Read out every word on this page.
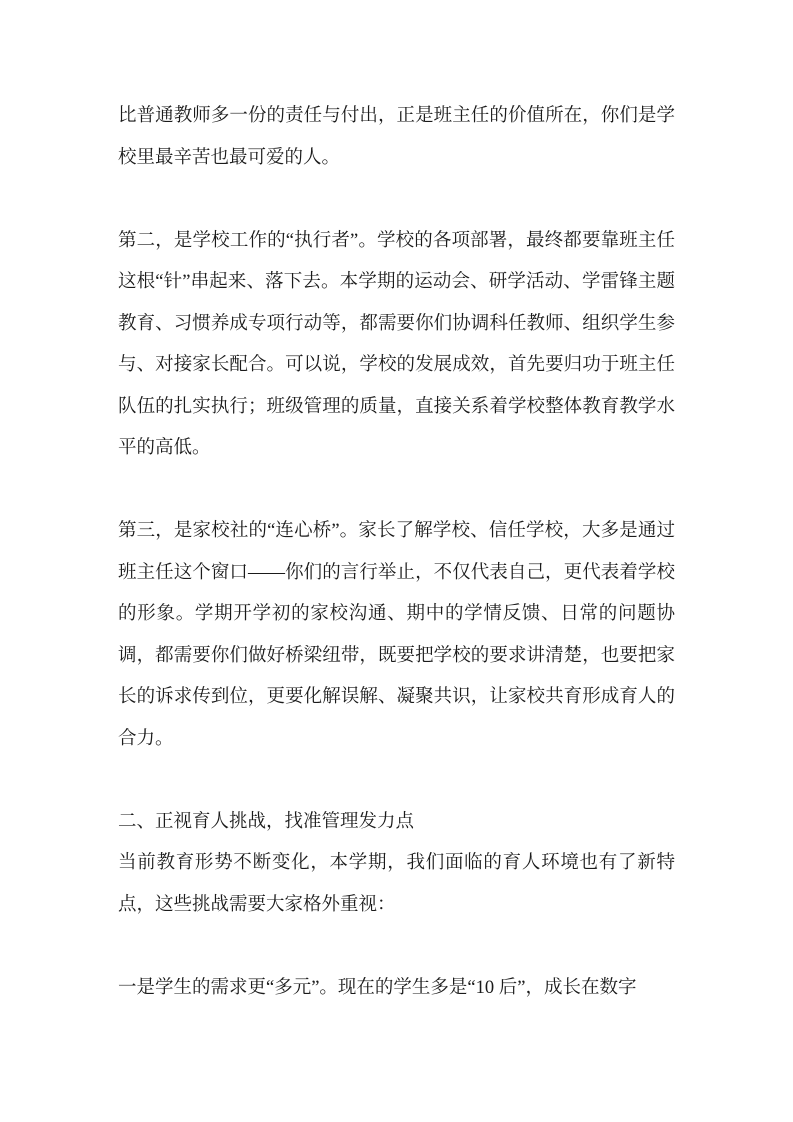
比普通教师多一份的责任与付出，正是班主任的价值所在，你们是学校里最辛苦也最可爱的人。

第二，是学校工作的“执行者”。学校的各项部署，最终都要靠班主任这根“针”串起来、落下去。本学期的运动会、研学活动、学雷锋主题教育、习惯养成专项行动等，都需要你们协调科任教师、组织学生参与、对接家长配合。可以说，学校的发展成效，首先要归功于班主任队伍的扎实执行；班级管理的质量，直接关系着学校整体教育教学水平的高低。

第三，是家校社的“连心桥”。家长了解学校、信任学校，大多是通过班主任这个窗口——你们的言行举止，不仅代表自己，更代表着学校的形象。学期开学初的家校沟通、期中的学情反馈、日常的问题协调，都需要你们做好桥梁纽带，既要把学校的要求讲清楚，也要把家长的诉求传到位，更要化解误解、凝聚共识，让家校共育形成育人的合力。

二、正视育人挑战，找准管理发力点

当前教育形势不断变化，本学期，我们面临的育人环境也有了新特点，这些挑战需要大家格外重视：

一是学生的需求更“多元”。现在的学生多是“10 后”，成长在数字
